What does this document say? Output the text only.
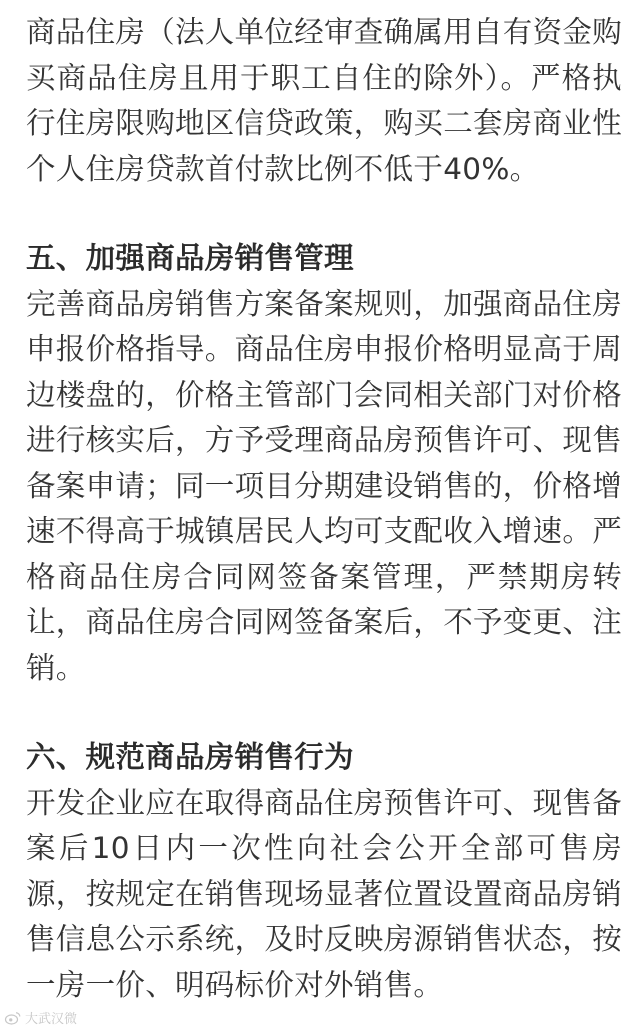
商品住房（法人单位经审查确属用自有资金购买商品住房且用于职工自住的除外）。严格执行住房限购地区信贷政策，购买二套房商业性个人住房贷款首付款比例不低于40%。

五、加强商品房销售管理

完善商品房销售方案备案规则，加强商品住房申报价格指导。商品住房申报价格明显高于周边楼盘的，价格主管部门会同相关部门对价格进行核实后，方予受理商品房预售许可、现售备案申请；同一项目分期建设销售的，价格增速不得高于城镇居民人均可支配收入增速。严格商品住房合同网签备案管理，严禁期房转让，商品住房合同网签备案后，不予变更、注销。

六、规范商品房销售行为

开发企业应在取得商品住房预售许可、现售备案后10日内一次性向社会公开全部可售房源，按规定在销售现场显著位置设置商品房销售信息公示系统，及时反映房源销售状态，按一房一价、明码标价对外销售。

大武汉微
